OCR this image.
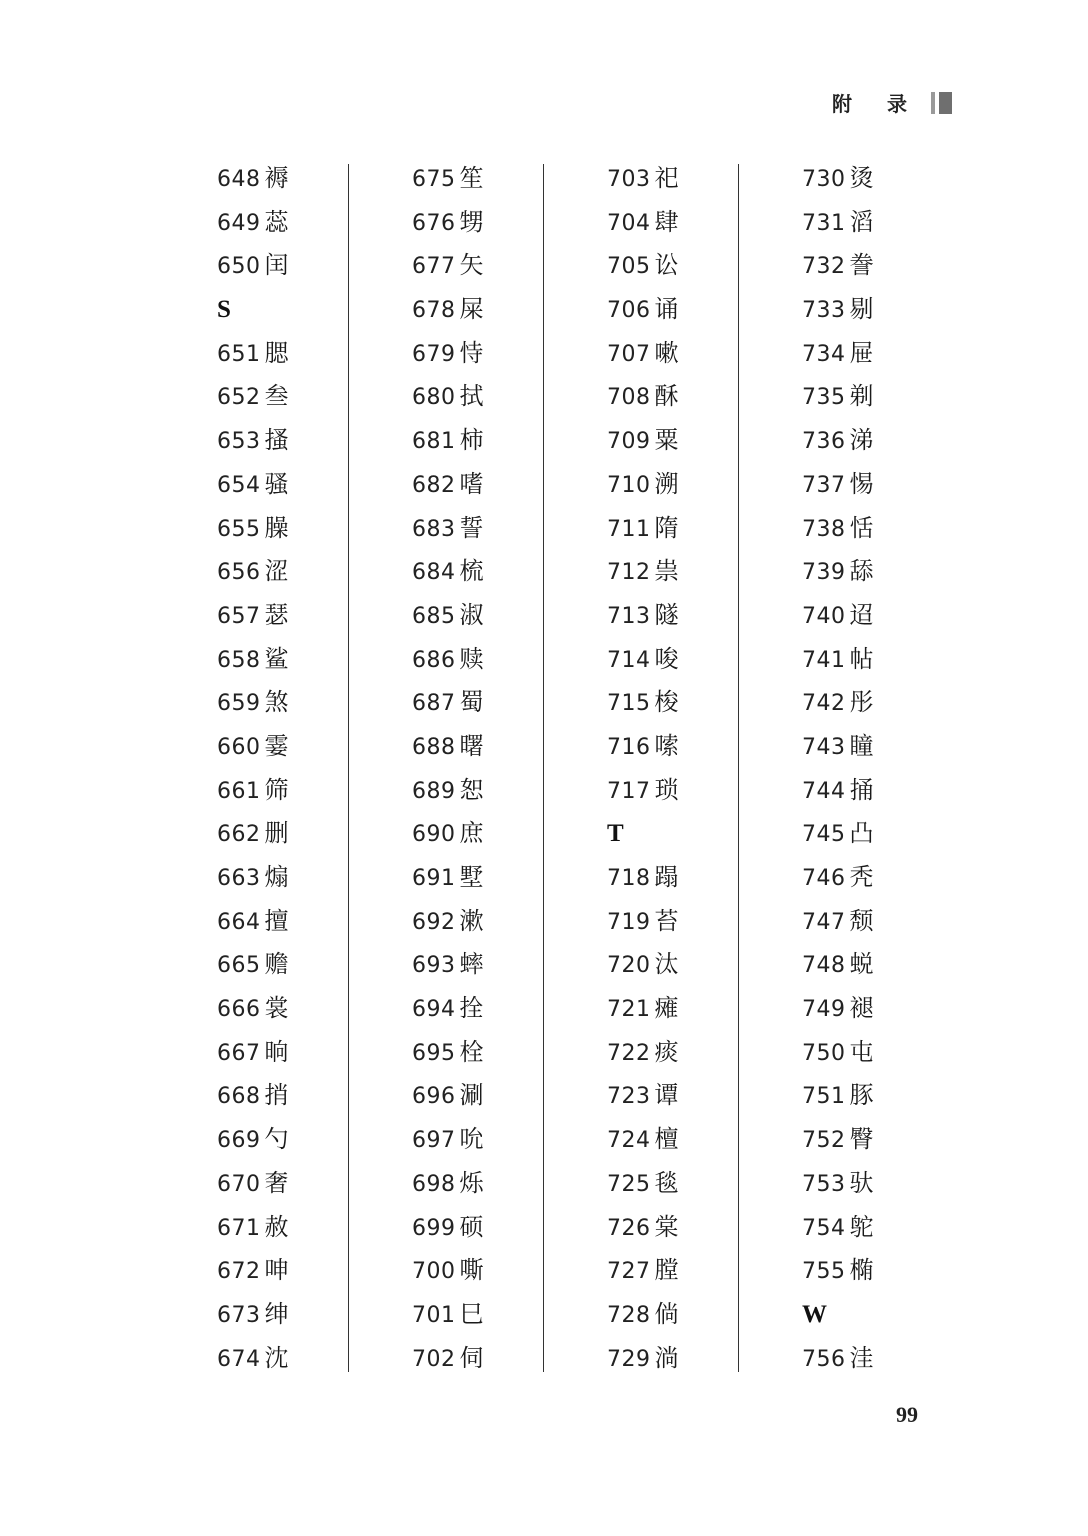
附 录
648 褥
649 蕊
650 闰
S
651 腮
652 叁
653 搔
654 骚
655 臊
656 涩
657 瑟
658 鲨
659 煞
660 霎
661 筛
662 删
663 煽
664 擅
665 赡
666 裳
667 晌
668 捎
669 勺
670 奢
671 赦
672 呻
673 绅
674 沈
675 笙
676 甥
677 矢
678 屎
679 恃
680 拭
681 柿
682 嗜
683 誓
684 梳
685 淑
686 赎
687 蜀
688 曙
689 恕
690 庶
691 墅
692 漱
693 蟀
694 拴
695 栓
696 涮
697 吮
698 烁
699 硕
700 嘶
701 巳
702 伺
703 祀
704 肆
705 讼
706 诵
707 嗽
708 酥
709 粟
710 溯
711 隋
712 祟
713 隧
714 唆
715 梭
716 嗦
717 琐
T
718 蹋
719 苔
720 汰
721 瘫
722 痰
723 谭
724 檀
725 毯
726 棠
727 膛
728 倘
729 淌
730 烫
731 滔
732 誊
733 剔
734 屉
735 剃
736 涕
737 惕
738 恬
739 舔
740 迢
741 帖
742 彤
743 瞳
744 捅
745 凸
746 秃
747 颓
748 蜕
749 褪
750 屯
751 豚
752 臀
753 驮
754 鸵
755 椭
W
756 洼
99
